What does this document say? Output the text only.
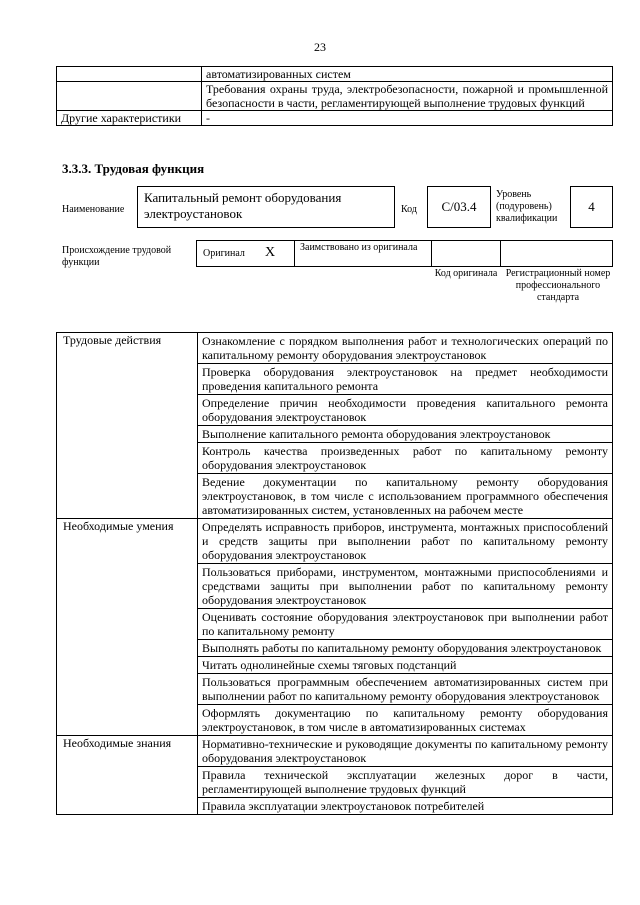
23
	автоматизированных систем
	Требования охраны труда, электробезопасности, пожарной и промышленной безопасности в части, регламентирующей выполнение трудовых функций
Другие характеристики	-
3.3.3. Трудовая функция
Наименование
Капитальный ремонт оборудования электроустановок	Код	С/03.4
Уровень (подуровень) квалификации
4
Происхождение трудовой функции
Оригинал X Заимствовано из оригинала
Код оригинала Регистрационный номер профессионального стандарта
Трудовые действия	Ознакомление с порядком выполнения работ и технологических операций по капитальному ремонту оборудования электроустановок
	Проверка оборудования электроустановок на предмет необходимости проведения капитального ремонта
	Определение причин необходимости проведения капитального ремонта оборудования электроустановок
	Выполнение капитального ремонта оборудования электроустановок
	Контроль качества произведенных работ по капитальному ремонту оборудования электроустановок
	Ведение документации по капитальному ремонту оборудования электроустановок, в том числе с использованием программного обеспечения автоматизированных систем, установленных на рабочем месте
Необходимые умения	Определять исправность приборов, инструмента, монтажных приспособлений и средств защиты при выполнении работ по капитальному ремонту оборудования электроустановок
	Пользоваться приборами, инструментом, монтажными приспособлениями и средствами защиты при выполнении работ по капитальному ремонту оборудования электроустановок
	Оценивать состояние оборудования электроустановок при выполнении работ по капитальному ремонту
	Выполнять работы по капитальному ремонту оборудования электроустановок
	Читать однолинейные схемы тяговых подстанций
	Пользоваться программным обеспечением автоматизированных систем при выполнении работ по капитальному ремонту оборудования электроустановок
	Оформлять документацию по капитальному ремонту оборудования электроустановок, в том числе в автоматизированных системах
Необходимые знания	Нормативно-технические и руководящие документы по капитальному ремонту оборудования электроустановок
	Правила технической эксплуатации железных дорог в части, регламентирующей выполнение трудовых функций
	Правила эксплуатации электроустановок потребителей
